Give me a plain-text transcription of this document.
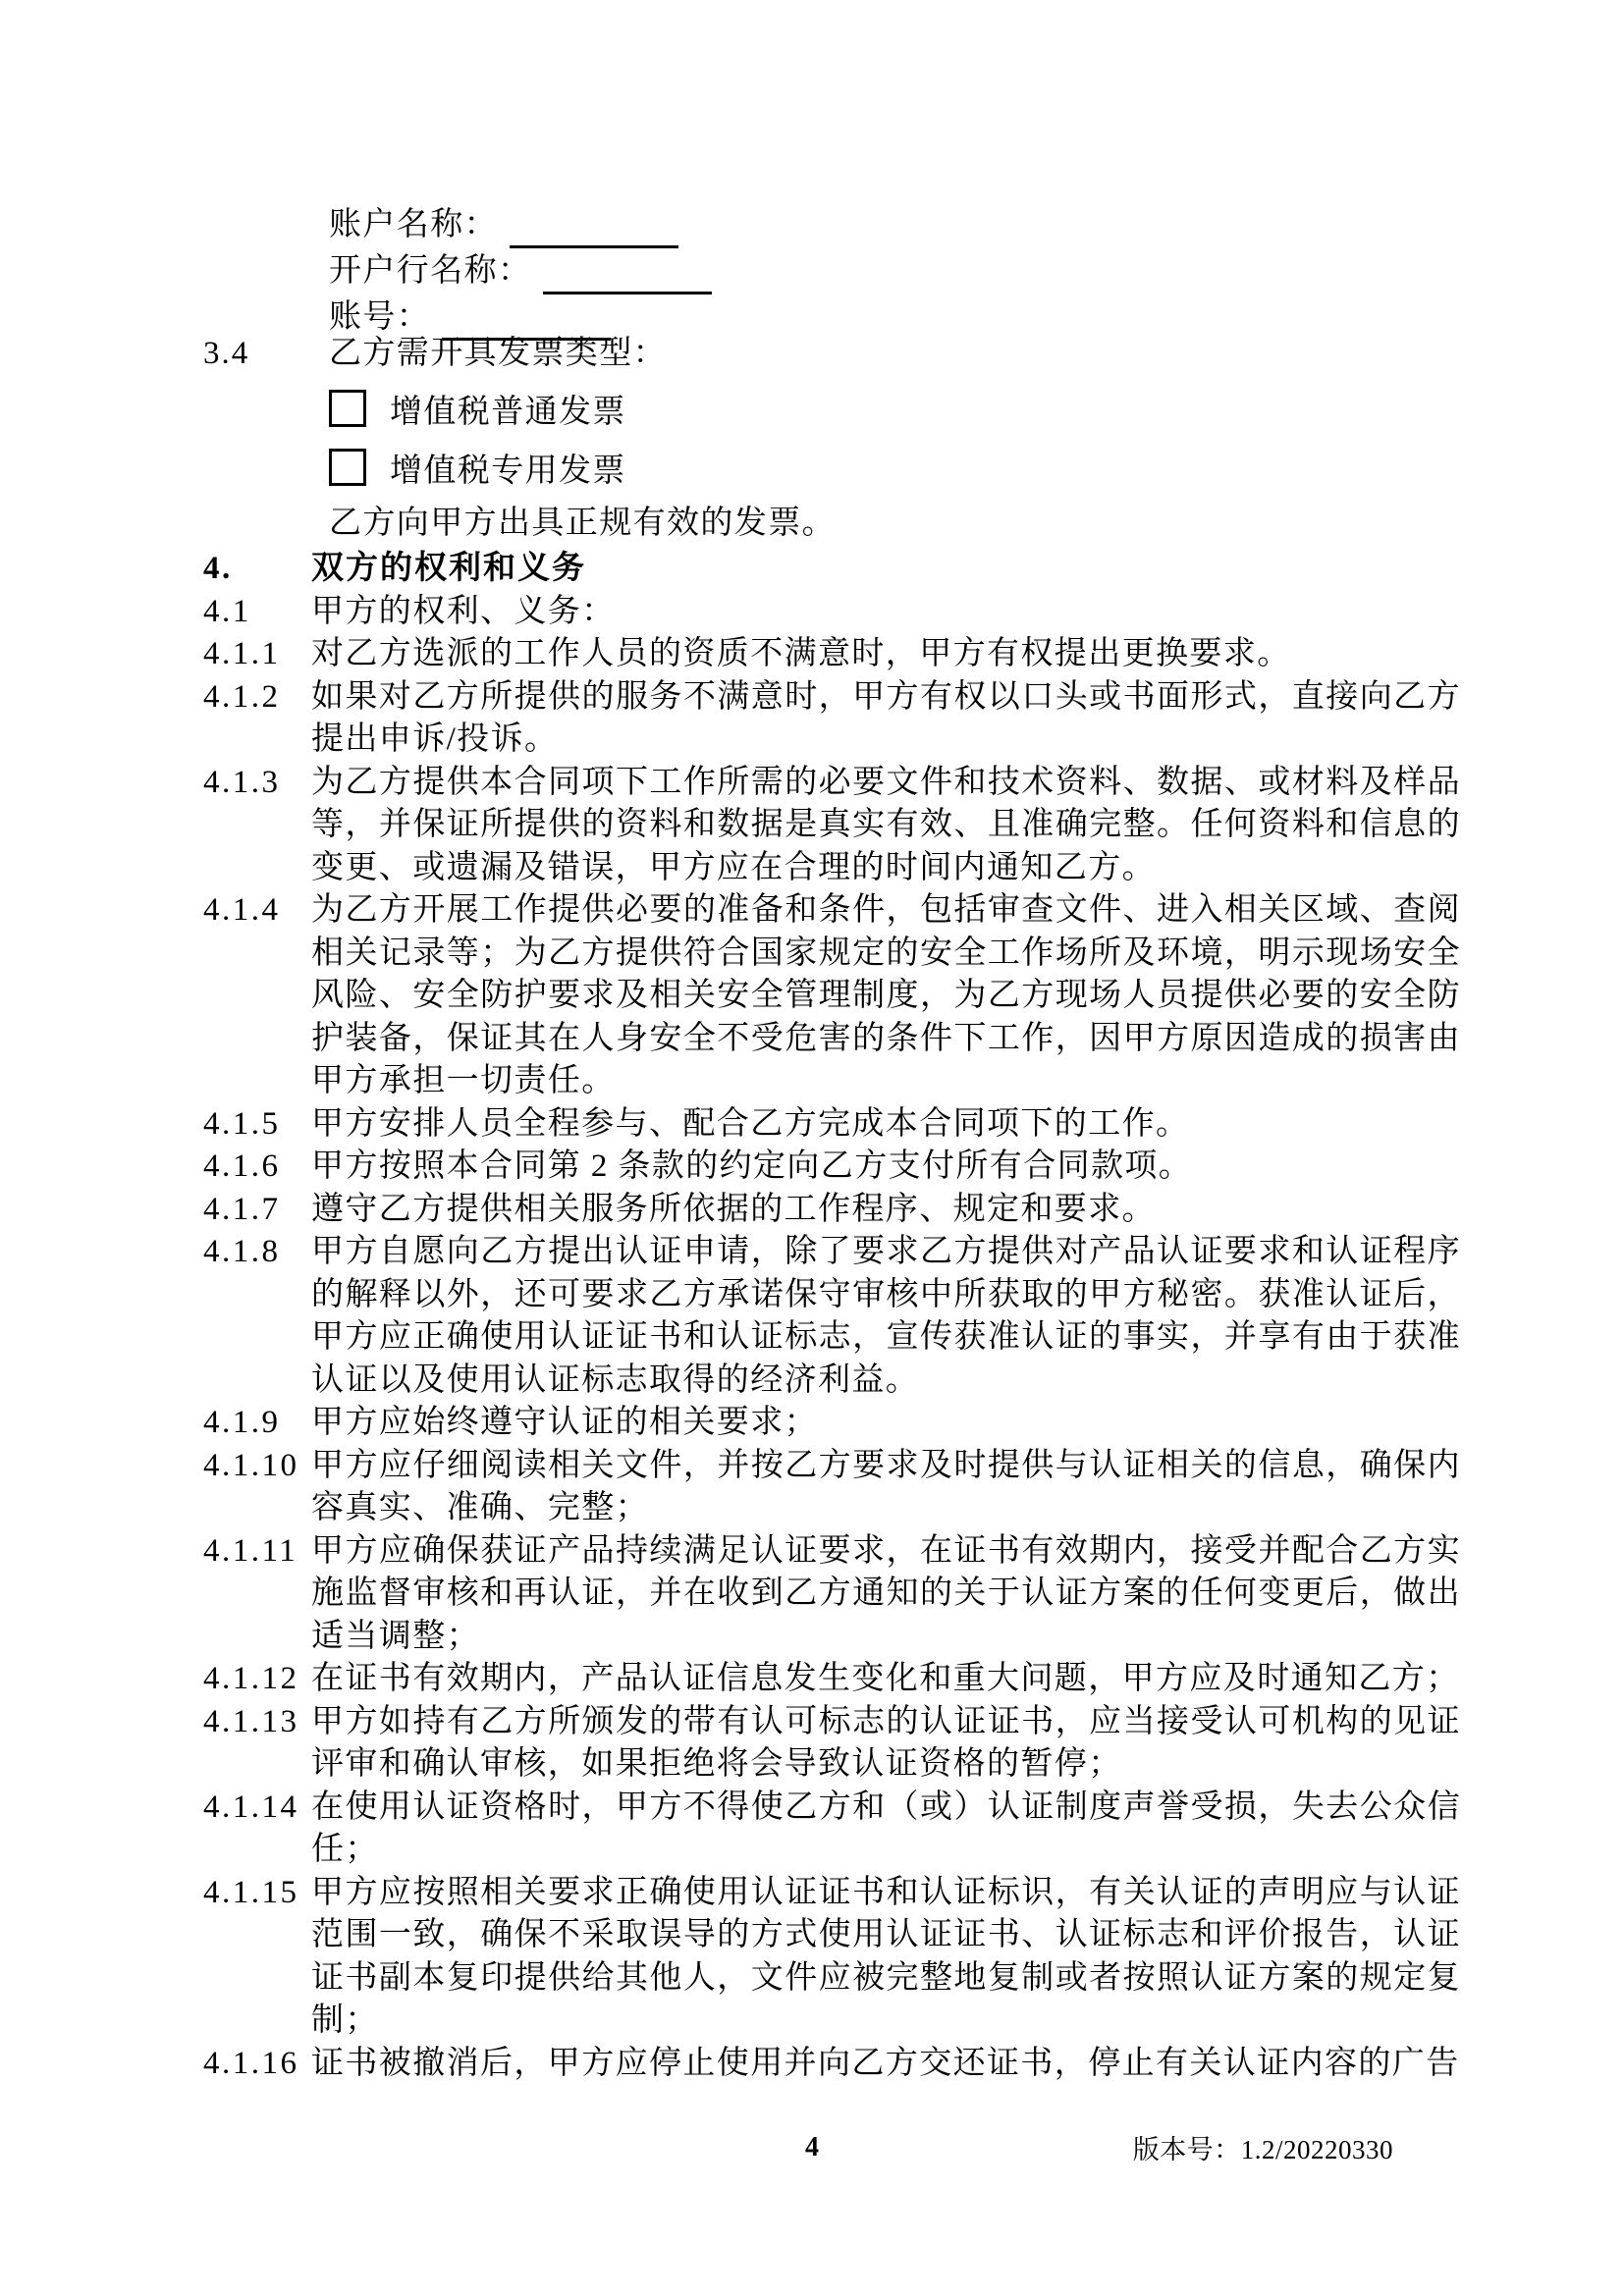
账户名称：
开户行名称：
账号：
3.4	乙方需开具发票类型：
增值税普通发票
增值税专用发票
乙方向甲方出具正规有效的发票。
4.	双方的权利和义务
4.1	甲方的权利、义务：
4.1.1 对乙方选派的工作人员的资质不满意时，甲方有权提出更换要求。
4.1.2 如果对乙方所提供的服务不满意时，甲方有权以口头或书面形式，直接向乙方提出申诉/投诉。
4.1.3 为乙方提供本合同项下工作所需的必要文件和技术资料、数据、或材料及样品等，并保证所提供的资料和数据是真实有效、且准确完整。任何资料和信息的变更、或遗漏及错误，甲方应在合理的时间内通知乙方。
4.1.4 为乙方开展工作提供必要的准备和条件，包括审查文件、进入相关区域、查阅相关记录等；为乙方提供符合国家规定的安全工作场所及环境，明示现场安全风险、安全防护要求及相关安全管理制度，为乙方现场人员提供必要的安全防护装备，保证其在人身安全不受危害的条件下工作，因甲方原因造成的损害由甲方承担一切责任。
4.1.5 甲方安排人员全程参与、配合乙方完成本合同项下的工作。
4.1.6 甲方按照本合同第 2 条款的约定向乙方支付所有合同款项。
4.1.7 遵守乙方提供相关服务所依据的工作程序、规定和要求。
4.1.8 甲方自愿向乙方提出认证申请，除了要求乙方提供对产品认证要求和认证程序的解释以外，还可要求乙方承诺保守审核中所获取的甲方秘密。获准认证后，甲方应正确使用认证证书和认证标志，宣传获准认证的事实，并享有由于获准认证以及使用认证标志取得的经济利益。
4.1.9 甲方应始终遵守认证的相关要求；
4.1.10 甲方应仔细阅读相关文件，并按乙方要求及时提供与认证相关的信息，确保内容真实、准确、完整；
4.1.11 甲方应确保获证产品持续满足认证要求，在证书有效期内，接受并配合乙方实施监督审核和再认证，并在收到乙方通知的关于认证方案的任何变更后，做出适当调整；
4.1.12 在证书有效期内，产品认证信息发生变化和重大问题，甲方应及时通知乙方；
4.1.13 甲方如持有乙方所颁发的带有认可标志的认证证书，应当接受认可机构的见证评审和确认审核，如果拒绝将会导致认证资格的暂停；
4.1.14 在使用认证资格时，甲方不得使乙方和（或）认证制度声誉受损，失去公众信任；
4.1.15 甲方应按照相关要求正确使用认证证书和认证标识，有关认证的声明应与认证范围一致，确保不采取误导的方式使用认证证书、认证标志和评价报告，认证证书副本复印提供给其他人，文件应被完整地复制或者按照认证方案的规定复制；
4.1.16 证书被撤消后，甲方应停止使用并向乙方交还证书，停止有关认证内容的广告
4	版本号：1.2/20220330
